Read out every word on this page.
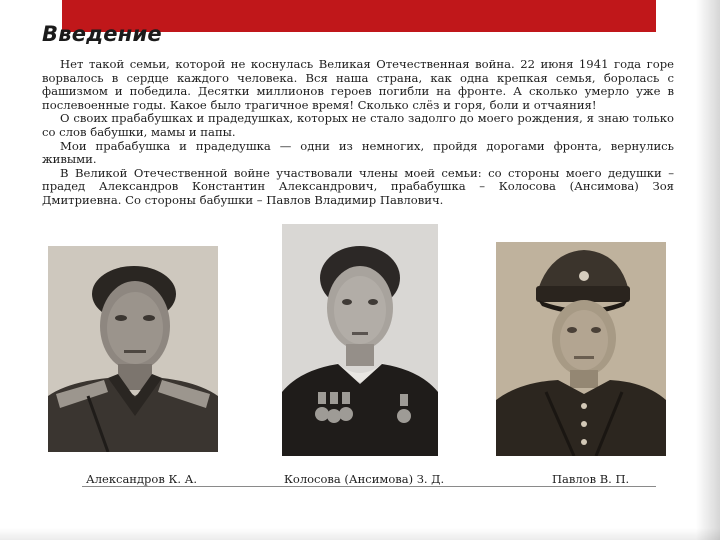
Введение

Нет такой семьи, которой не коснулась Великая Отечественная война. 22 июня 1941 года горе ворвалось в сердце каждого человека. Вся наша страна, как одна крепкая семья, боролась с фашизмом и победила. Десятки миллионов героев погибли на фронте. А сколько умерло уже в послевоенные годы. Какое было трагичное время! Сколько слёз и горя, боли и отчаяния!

О своих прабабушках и прадедушках, которых не стало задолго до моего рождения, я знаю только со слов бабушки, мамы и папы.

Мои прабабушка и прадедушка — одни из немногих, пройдя дорогами фронта, вернулись живыми.

В Великой Отечественной войне участвовали члены моей семьи: со стороны моего дедушки – прадед Александров Константин Александрович, прабабушка – Колосова (Ансимова) Зоя Дмитриевна. Со стороны бабушки – Павлов Владимир Павлович.

Александров К. А.	Колосова (Ансимова) З. Д.	Павлов В. П.
